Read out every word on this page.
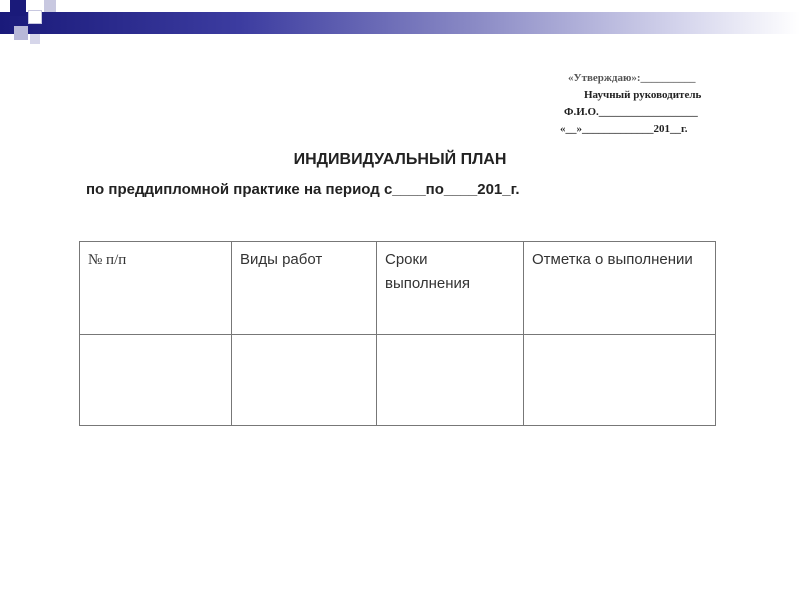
«Утверждаю»:__________
Научный руководитель
Ф.И.О.__________________
«__»_____________201__г.
ИНДИВИДУАЛЬНЫЙ ПЛАН
по преддипломной практике на период с____по____201_г.
№ п/п	Виды работ	Сроки выполнения	Отметка о выполнении
